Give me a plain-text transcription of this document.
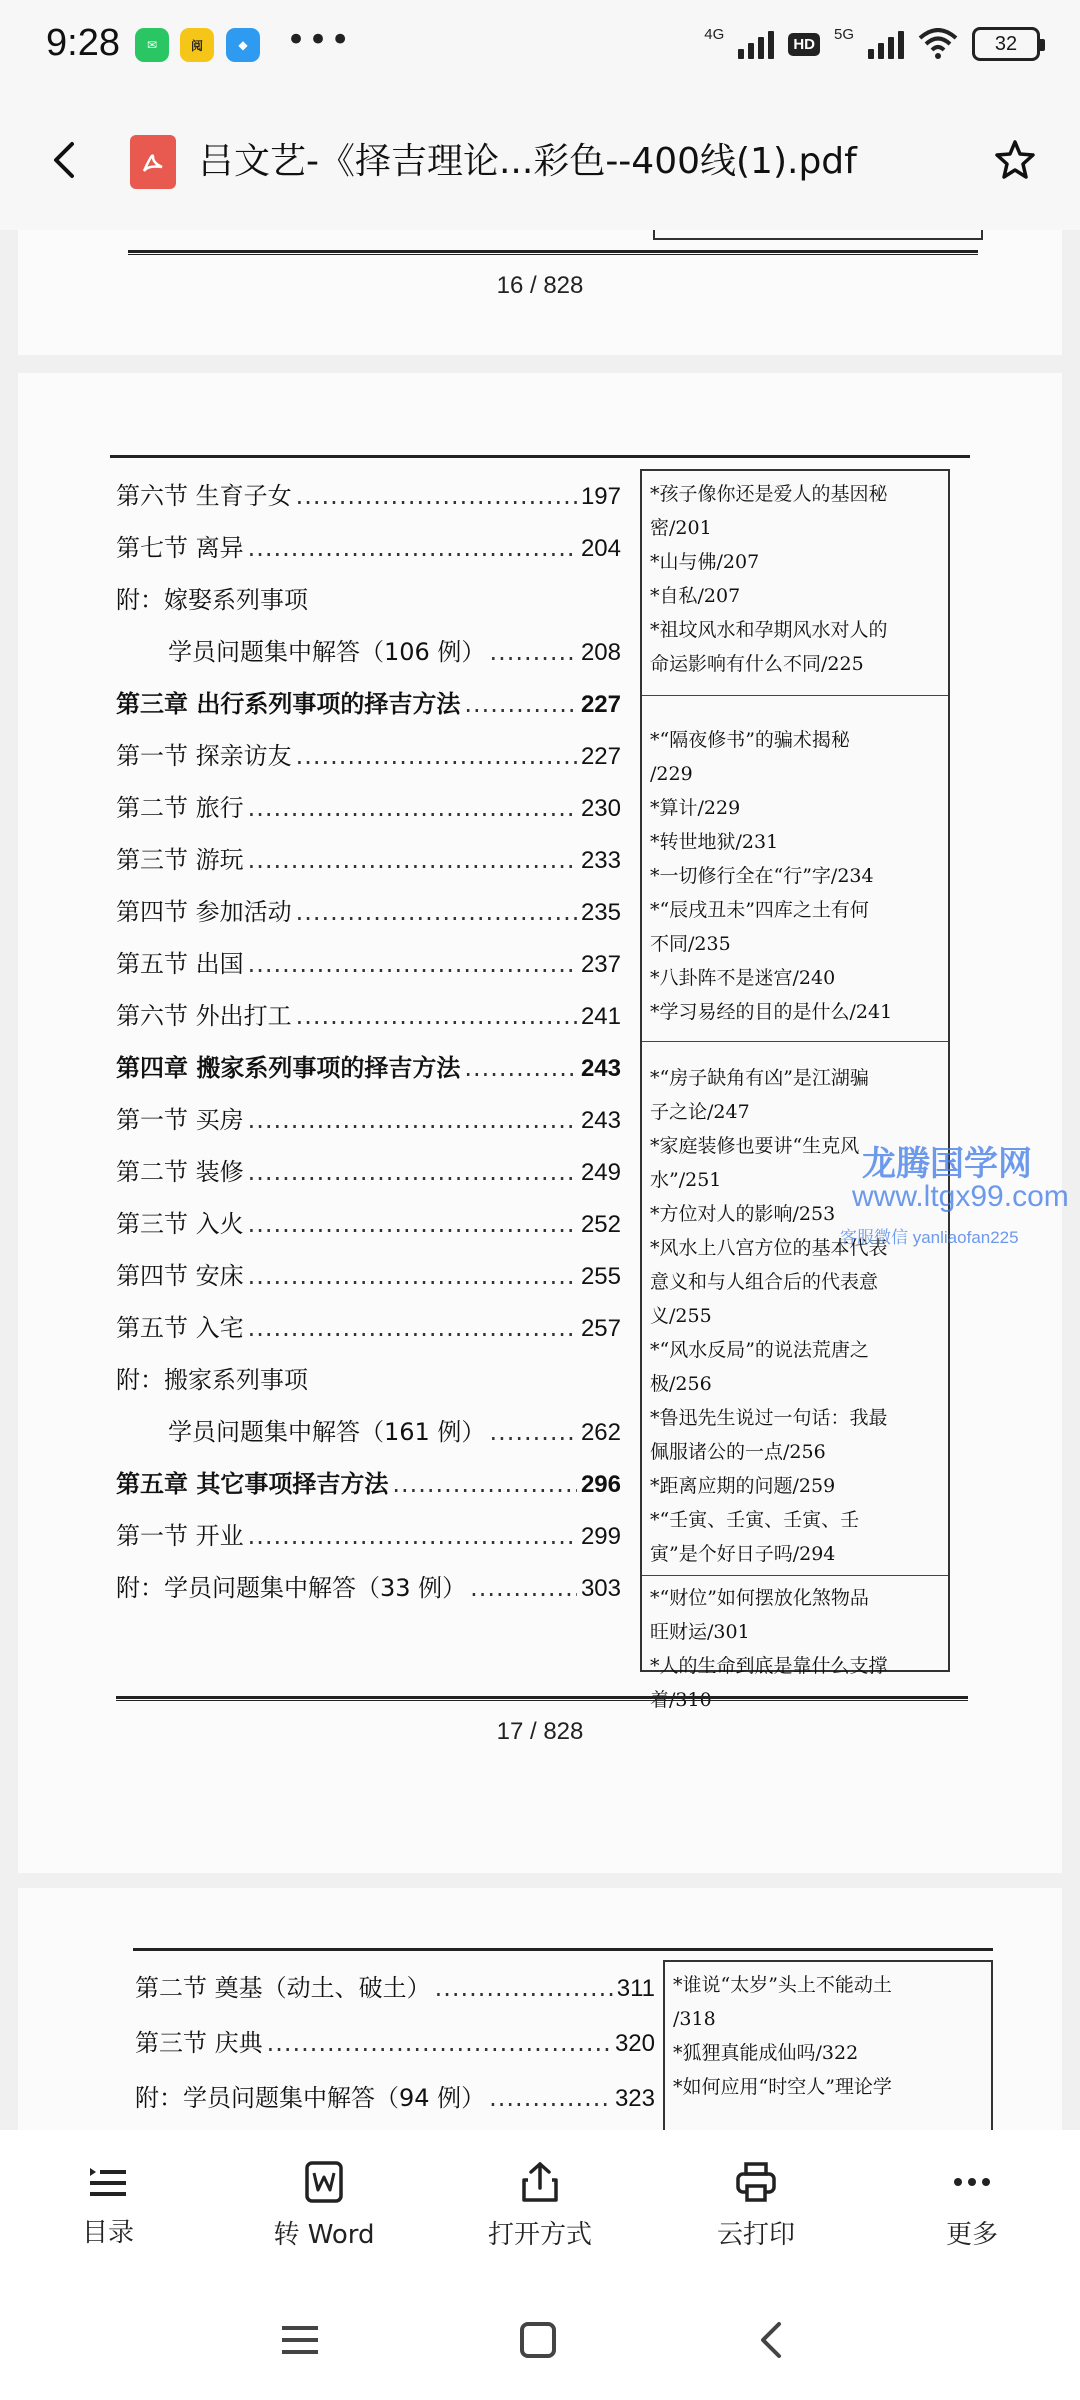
9:28 ✉	阅	◆ •••	4G
HD
5G	32
吕文艺-《择吉理论...彩色--400线(1).pdf
16 / 828
第六节 生育子女 .....	197
第七节 离异 .....	204
附：嫁娶系列事项
学员问题集中解答（106 例） .....	208
第三章 出行系列事项的择吉方法 .....	227
第一节 探亲访友 .....	227
第二节 旅行 .....	230
第三节 游玩 .....	233
第四节 参加活动 .....	235
第五节 出国 .....	237
第六节 外出打工 .....	241
第四章 搬家系列事项的择吉方法 .....	243
第一节 买房 .....	243
第二节 装修 .....	249
第三节 入火 .....	252
第四节 安床 .....	255
第五节 入宅 .....	257
附：搬家系列事项
学员问题集中解答（161 例） .....	262
第五章 其它事项择吉方法 .....	296
第一节 开业 .....	299
附：学员问题集中解答（33 例） .....	303
*孩子像你还是爱人的基因秘
密/201
*山与佛/207
*自私/207
*祖坟风水和孕期风水对人的
命运影响有什么不同/225
*“隔夜修书”的骗术揭秘
/229
*算计/229
*转世地狱/231
*一切修行全在“行”字/234
*“辰戌丑未”四库之土有何
不同/235
*八卦阵不是迷宫/240
*学习易经的目的是什么/241
*“房子缺角有凶”是江湖骗
子之论/247
*家庭装修也要讲“生克风
水”/251
*方位对人的影响/253
*风水上八宫方位的基本代表
意义和与人组合后的代表意
义/255
*“风水反局”的说法荒唐之
极/256
*鲁迅先生说过一句话：我最
佩服诸公的一点/256
*距离应期的问题/259
*“壬寅、壬寅、壬寅、壬
寅”是个好日子吗/294
*“财位”如何摆放化煞物品
旺财运/301
*人的生命到底是靠什么支撑
着/310
17 / 828
龙腾国学网
www.ltgx99.com
客服微信 yanliaofan225
第二节 奠基（动土、破土） .....	311
第三节 庆典 .....	320
附：学员问题集中解答（94 例） .....	323
*谁说“太岁”头上不能动土
/318
*狐狸真能成仙吗/322
*如何应用“时空人”理论学
目录	转 Word	打开方式	云打印	更多
